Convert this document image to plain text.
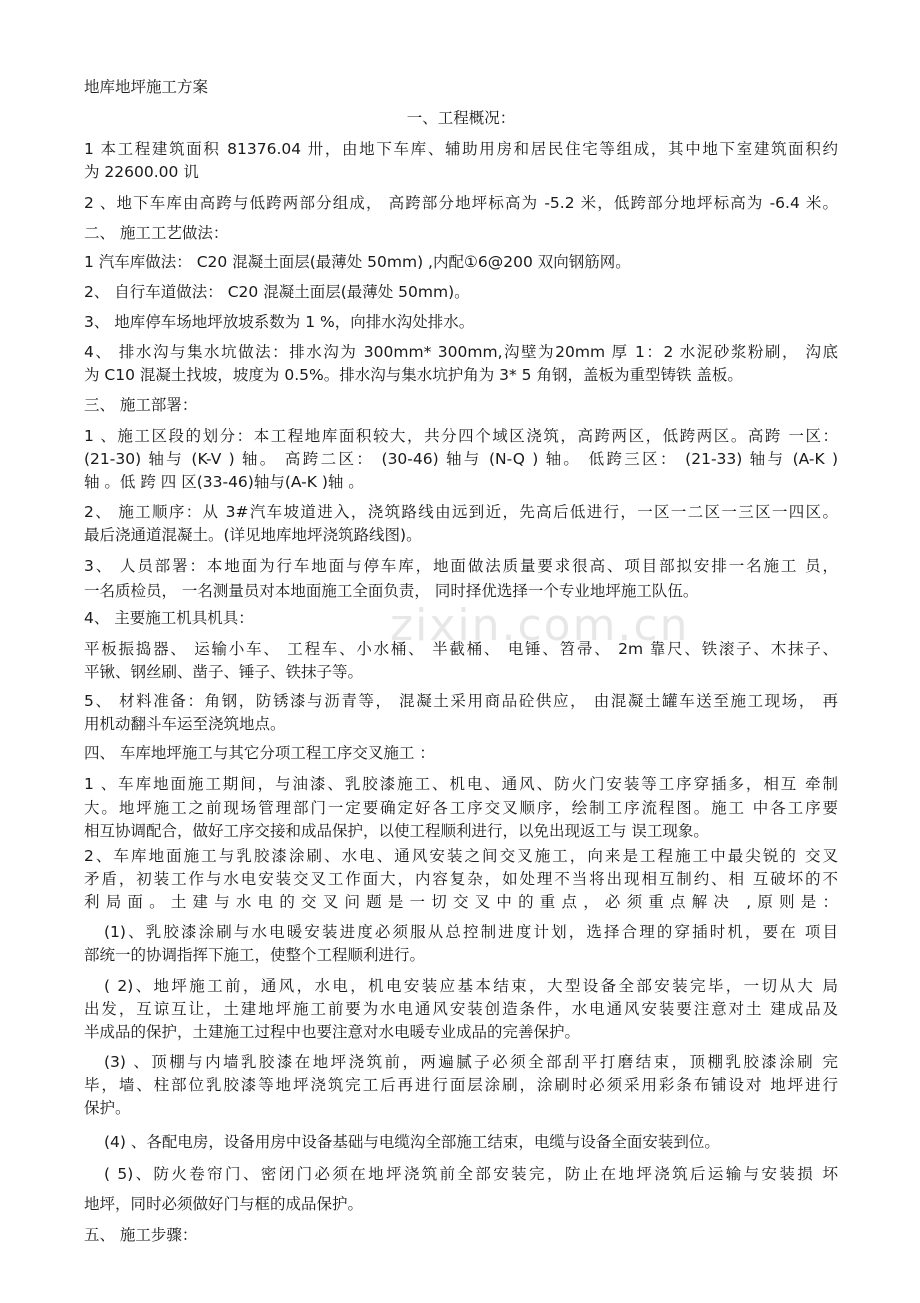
地库地坪施工方案
一、工程概况：
1 本工程建筑面积 81376.04 卅，由地下车库、辅助用房和居民住宅等组成，其中地下室建筑面积约
为 22600.00 讥
2 、地下车库由高跨与低跨两部分组成， 高跨部分地坪标高为 -5.2 米，低跨部分地坪标高为 -6.4 米。
二、 施工工艺做法：
1 汽车库做法： C20 混凝土面层(最薄处 50mm) ,内配①6@200 双向钢筋网。
2、 自行车道做法： C20 混凝土面层(最薄处 50mm)。
3、 地库停车场地坪放坡系数为 1 %，向排水沟处排水。
4、 排水沟与集水坑做法：排水沟为 300mm* 300mm,沟壁为20mm 厚 1：2 水泥砂浆粉刷， 沟底
为 C10 混凝土找坡，坡度为 0.5%。排水沟与集水坑护角为 3* 5 角钢，盖板为重型铸铁 盖板。
三、 施工部署：
1 、施工区段的划分：本工程地库面积较大，共分四个域区浇筑，高跨两区，低跨两区。高跨 一区：
(21-30) 轴与 (K-V ) 轴。 高跨二区： (30-46) 轴与 (N-Q ) 轴。 低跨三区： (21-33) 轴与 (A-K )
轴 。低 跨 四 区(33-46)轴与(A-K )轴 。
2、 施工顺序：从 3#汽车坡道进入，浇筑路线由远到近，先高后低进行，一区一二区一三区一四区。
最后浇通道混凝土。(详见地库地坪浇筑路线图)。
3、 人员部署：本地面为行车地面与停车库，地面做法质量要求很高、项目部拟安排一名施工 员，
一名质检员， 一名测量员对本地面施工全面负责， 同时择优选择一个专业地坪施工队伍。
4、 主要施工机具机具：
平板振捣器、 运输小车、 工程车、小水桶、 半截桶、 电锤、笤帚、 2m 靠尺、铁滚子、木抹子、
平锹、钢丝刷、凿子、锤子、铁抹子等。
5、 材料准备：角钢，防锈漆与沥青等， 混凝土采用商品砼供应， 由混凝土罐车送至施工现场， 再
用机动翻斗车运至浇筑地点。
四、 车库地坪施工与其它分项工程工序交叉施工 ：
1 、车库地面施工期间，与油漆、乳胶漆施工、机电、通风、防火门安装等工序穿插多，相互 牵制
大。地坪施工之前现场管理部门一定要确定好各工序交叉顺序，绘制工序流程图。施工 中各工序要
相互协调配合，做好工序交接和成品保护，以使工程顺利进行，以免出现返工与 误工现象。
2、车库地面施工与乳胶漆涂刷、水电、通风安装之间交叉施工，向来是工程施工中最尖锐的 交叉
矛盾，初装工作与水电安装交叉工作面大，内容复杂，如处理不当将出现相互制约、相 互破坏的不
利局面。土建与水电的交叉问题是一切交叉中的重点，必须重点解决 ,原则是：
(1)、乳胶漆涂刷与水电暖安装进度必须服从总控制进度计划，选择合理的穿插时机，要在 项目
部统一的协调指挥下施工，使整个工程顺利进行。
( 2)、地坪施工前，通风，水电，机电安装应基本结束，大型设备全部安装完毕，一切从大 局
出发，互谅互让，土建地坪施工前要为水电通风安装创造条件，水电通风安装要注意对土 建成品及
半成品的保护，土建施工过程中也要注意对水电暖专业成品的完善保护。
(3) 、顶棚与内墙乳胶漆在地坪浇筑前，两遍腻子必须全部刮平打磨结束，顶棚乳胶漆涂刷 完
毕，墙、柱部位乳胶漆等地坪浇筑完工后再进行面层涂刷，涂刷时必须采用彩条布铺设对 地坪进行
保护。
(4) 、各配电房，设备用房中设备基础与电缆沟全部施工结束，电缆与设备全面安装到位。
( 5)、防火卷帘门、密闭门必须在地坪浇筑前全部安装完，防止在地坪浇筑后运输与安装损 坏
地坪，同时必须做好门与框的成品保护。
五、 施工步骤：
zixin.com.cn
